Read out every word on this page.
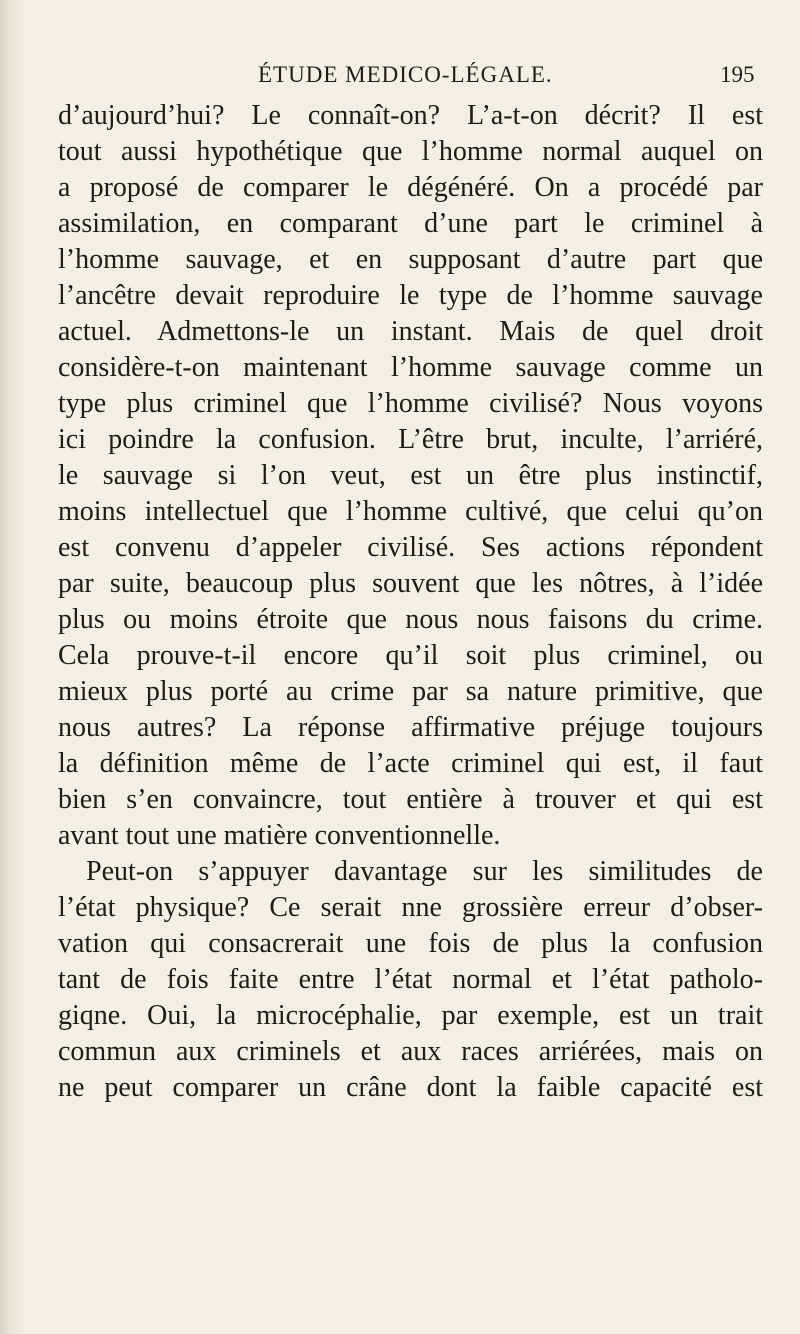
ÉTUDE MEDICO-LÉGALE.	195
d’aujourd’hui? Le connaît-on? L’a-t-on décrit? Il est
tout aussi hypothétique que l’homme normal auquel on
a proposé de comparer le dégénéré. On a procédé par
assimilation, en comparant d’une part le criminel à
l’homme sauvage, et en supposant d’autre part que
l’ancêtre devait reproduire le type de l’homme sauvage
actuel. Admettons-le un instant. Mais de quel droit
considère-t-on maintenant l’homme sauvage comme un
type plus criminel que l’homme civilisé? Nous voyons
ici poindre la confusion. L’être brut, inculte, l’arriéré,
le sauvage si l’on veut, est un être plus instinctif,
moins intellectuel que l’homme cultivé, que celui qu’on
est convenu d’appeler civilisé. Ses actions répondent
par suite, beaucoup plus souvent que les nôtres, à l’idée
plus ou moins étroite que nous nous faisons du crime.
Cela prouve-t-il encore qu’il soit plus criminel, ou
mieux plus porté au crime par sa nature primitive, que
nous autres? La réponse affirmative préjuge toujours
la définition même de l’acte criminel qui est, il faut
bien s’en convaincre, tout entière à trouver et qui est
avant tout une matière conventionnelle.
Peut-on s’appuyer davantage sur les similitudes de
l’état physique? Ce serait nne grossière erreur d’obser-
vation qui consacrerait une fois de plus la confusion
tant de fois faite entre l’état normal et l’état patholo-
giqne. Oui, la microcéphalie, par exemple, est un trait
commun aux criminels et aux races arriérées, mais on
ne peut comparer un crâne dont la faible capacité est
